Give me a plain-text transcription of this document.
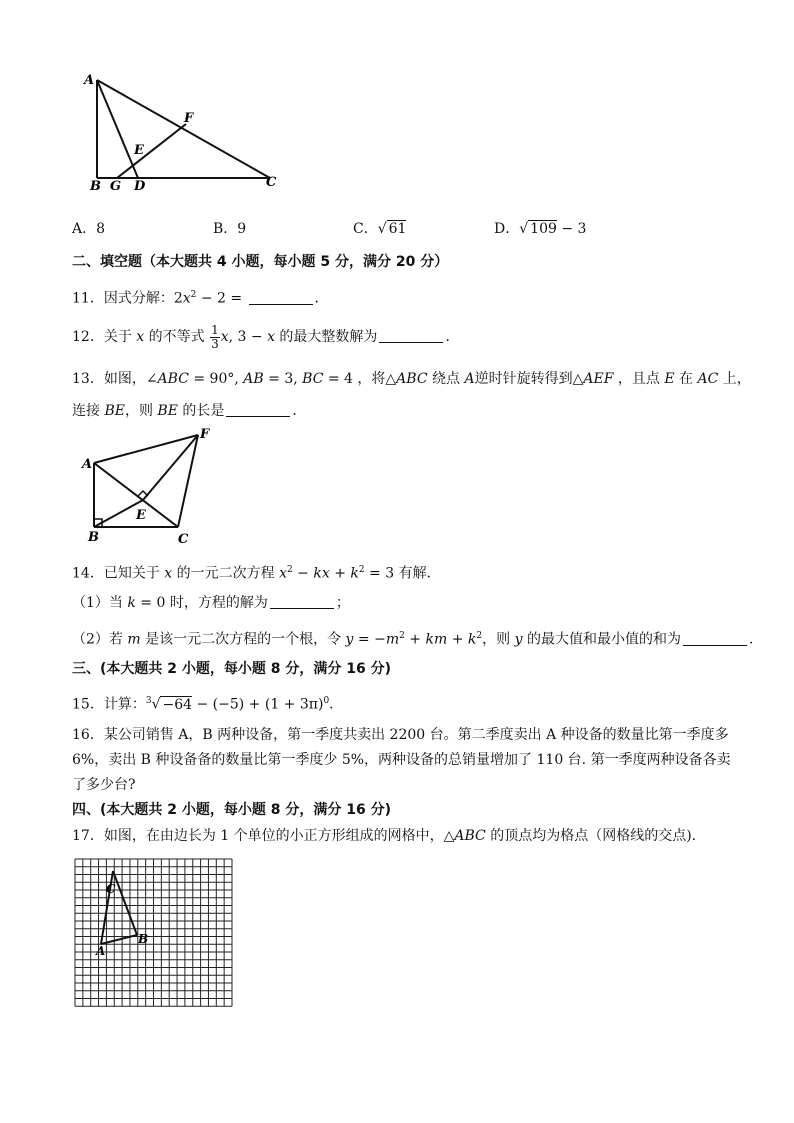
A
B G D	C
E
F
A．8	B．9	C．√ 61	D．√ 109 − 3
二、填空题（本大题共 4 小题，每小题 5 分，满分 20 分）
11．因式分解：$2x^2 - 2$ =	．
12．关于 x 的不等式 $\frac{1}{3} x$, 3 − x 的最大整数解为	．
13．如图，∠ABC = 90°, AB = 3, BC = 4 ，将△ABC 绕点 A逆时针旋转得到△AEF ，且点 E 在 AC 上，
连接 BE，则 BE 的长是	．
A
B	C
E
F
14．已知关于 x 的一元二次方程 $x^2$ − kx + $k^2 = 3$ 有解．
（1）当 k = 0 时，方程的解为	；
（2）若 m 是该一元二次方程的一个根，令 $y = -m^2$ + km + $k^2$，则 y 的最大值和最小值的和为	．
三、(本大题共 2 小题，每小题 8 分，满分 16 分)
15．计算：$^3√ -64 - (-5) + (1 + 3\pi)^0$．
16．某公司销售 A，B 两种设备，第一季度共卖出 2200 台。第二季度卖出 A 种设备的数量比第一季度多
6%，卖出 B 种设备备的数量比第一季度少 5%，两种设备的总销量增加了 110 台. 第一季度两种设备各卖
了多少台?
四、(本大题共 2 小题，每小题 8 分，满分 16 分)
17．如图，在由边长为 1 个单位的小正方形组成的网格中，△ABC 的顶点均为格点（网格线的交点).
A
B
C
